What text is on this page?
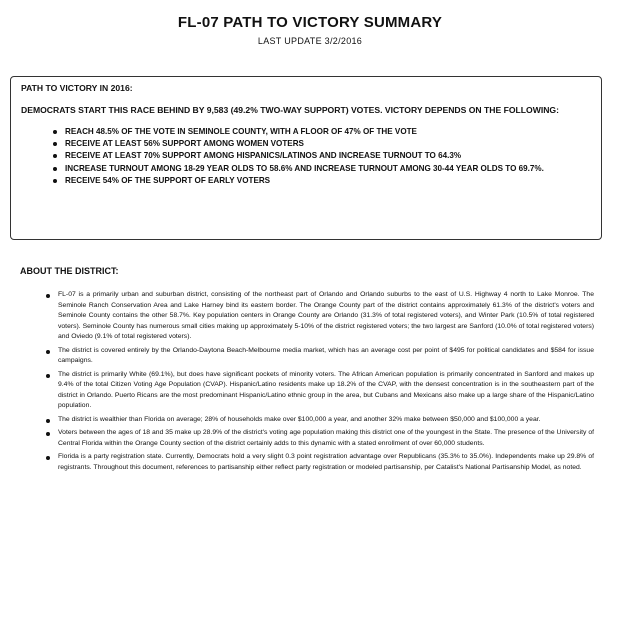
FL-07 PATH TO VICTORY SUMMARY
LAST UPDATE 3/2/2016
PATH TO VICTORY IN 2016:
DEMOCRATS START THIS RACE BEHIND BY 9,583 (49.2% TWO-WAY SUPPORT) VOTES. VICTORY DEPENDS ON THE FOLLOWING:
REACH 48.5% OF THE VOTE IN SEMINOLE COUNTY, WITH A FLOOR OF 47% OF THE VOTE
RECEIVE AT LEAST 56% SUPPORT AMONG WOMEN VOTERS
RECEIVE AT LEAST 70% SUPPORT AMONG HISPANICS/LATINOS AND INCREASE TURNOUT TO 64.3%
INCREASE TURNOUT AMONG 18-29 YEAR OLDS TO 58.6% AND INCREASE TURNOUT AMONG 30-44 YEAR OLDS TO 69.7%.
RECEIVE 54% OF THE SUPPORT OF EARLY VOTERS
ABOUT THE DISTRICT:
FL-07 is a primarily urban and suburban district, consisting of the northeast part of Orlando and Orlando suburbs to the east of U.S. Highway 4 north to Lake Monroe. The Seminole Ranch Conservation Area and Lake Harney bind its eastern border. The Orange County part of the district contains approximately 61.3% of the district's voters and Seminole County contains the other 58.7%. Key population centers in Orange County are Orlando (31.3% of total registered voters), and Winter Park (10.5% of total registered voters). Seminole County has numerous small cities making up approximately 5-10% of the district registered voters; the two largest are Sanford (10.0% of total registered voters) and Oviedo (9.1% of total registered voters).
The district is covered entirely by the Orlando-Daytona Beach-Melbourne media market, which has an average cost per point of $495 for political candidates and $584 for issue campaigns.
The district is primarily White (69.1%), but does have significant pockets of minority voters. The African American population is primarily concentrated in Sanford and makes up 9.4% of the total Citizen Voting Age Population (CVAP). Hispanic/Latino residents make up 18.2% of the CVAP, with the densest concentration is in the southeastern part of the district in Orlando. Puerto Ricans are the most predominant Hispanic/Latino ethnic group in the area, but Cubans and Mexicans also make up a large share of the Hispanic/Latino population.
The district is wealthier than Florida on average; 28% of households make over $100,000 a year, and another 32% make between $50,000 and $100,000 a year.
Voters between the ages of 18 and 35 make up 28.9% of the district's voting age population making this district one of the youngest in the State. The presence of the University of Central Florida within the Orange County section of the district certainly adds to this dynamic with a stated enrollment of over 60,000 students.
Florida is a party registration state. Currently, Democrats hold a very slight 0.3 point registration advantage over Republicans (35.3% to 35.0%). Independents make up 29.8% of registrants. Throughout this document, references to partisanship either reflect party registration or modeled partisanship, per Catalist's National Partisanship Model, as noted.
